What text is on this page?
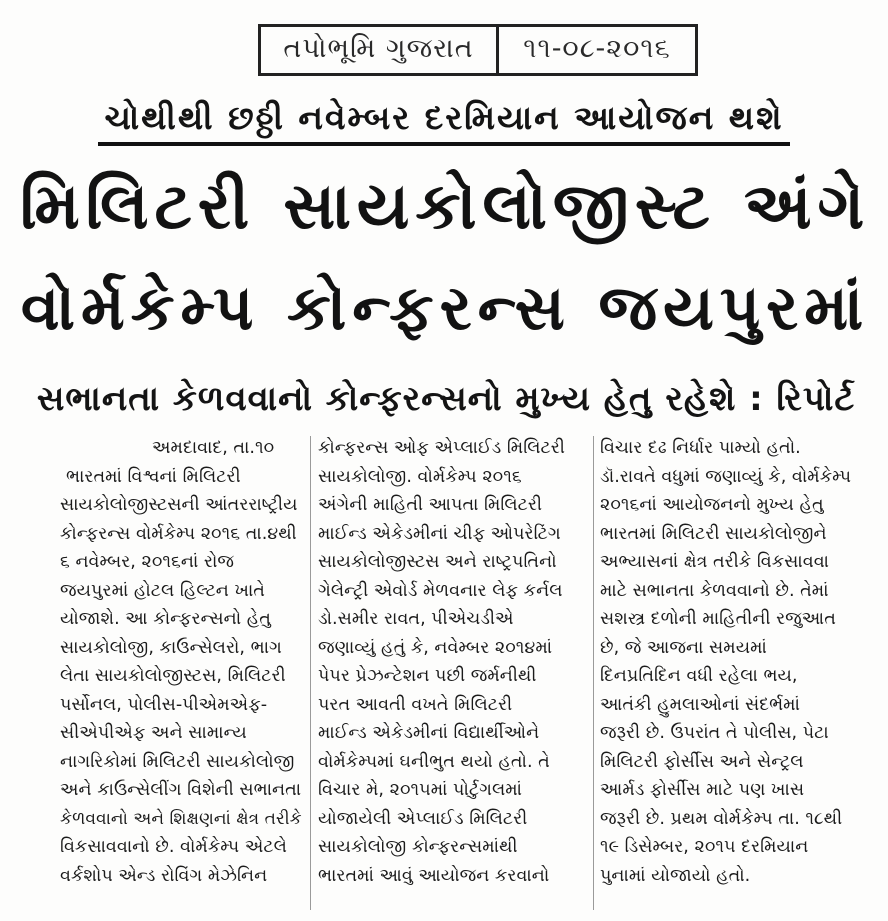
તપોભૂમિ ગુજરાત	૧૧-૦૮-૨૦૧૬
ચોથીથી છઠ્ઠી નવેમ્બર દરમિયાન આયોજન થશે
મિલિટરી સાયકોલોજીસ્ટ અંગે
વોર્મકેમ્પ કોન્ફરન્સ જયપુરમાં
સભાનતા કેળવવાનો કોન્ફરન્સનો મુખ્ય હેતુ રહેશે : રિપોર્ટ
અમદાવાદ, તા.૧૦
ભારતમાં વિશ્વનાં મિલિટરી
સાયકોલોજીસ્ટસની આંતરરાષ્ટ્રીય
કોન્ફરન્સ વોર્મકેમ્પ ૨૦૧૬ તા.૪થી
૬ નવેમ્બર, ૨૦૧૬નાં રોજ
જયપુરમાં હોટલ હિલ્ટન ખાતે
યોજાશે. આ કોન્ફરન્સનો હેતુ
સાયકોલોજી, કાઉન્સેલરો, ભાગ
લેતા સાયકોલોજીસ્ટસ, મિલિટરી
પર્સોનલ, પોલીસ-પીએમએફ-
સીએપીએફ અને સામાન્ય
નાગરિકોમાં મિલિટરી સાયકોલોજી
અને કાઉન્સેલીંગ વિશેની સભાનતા
કેળવવાનો અને શિક્ષણનાં ક્ષેત્ર તરીકે
વિકસાવવાનો છે. વોર્મકેમ્પ એટલે
વર્કશોપ એન્ડ રોવિંગ મેઝેનિન
કોન્ફરન્સ ઓફ એપ્લાઈડ મિલિટરી
સાયકોલોજી. વોર્મકેમ્પ ૨૦૧૬
અંગેની માહિતી આપતા મિલિટરી
માઈન્ડ એકેડમીનાં ચીફ ઓપરેટિંગ
સાયકોલોજીસ્ટસ અને રાષ્ટ્રપતિનો
ગેલેન્ટ્રી એવોર્ડ મેળવનાર લેફ કર્નલ
ડો.સમીર રાવત, પીએચડીએ
જણાવ્યું હતું કે, નવેમ્બર ૨૦૧૪માં
પેપર પ્રેઝન્ટેશન પછી જર્મનીથી
પરત આવતી વખતે મિલિટરી
માઈન્ડ એકેડમીનાં વિદ્યાર્થીઓને
વોર્મકેમ્પમાં ઘનીભુત થયો હતો. તે
વિચાર મે, ૨૦૧૫માં પોર્ટુગલમાં
યોજાયેલી એપ્લાઈડ મિલિટરી
સાયકોલોજી કોન્ફરન્સમાંથી
ભારતમાં આવું આયોજન કરવાનો
વિચાર દઢ નિર્ધાર પામ્યો હતો.
ડૉ.રાવતે વધુમાં જણાવ્યું કે, વોર્મકેમ્પ
૨૦૧૬નાં આયોજનનો મુખ્ય હેતુ
ભારતમાં મિલિટરી સાયકોલોજીને
અભ્યાસનાં ક્ષેત્ર તરીકે વિકસાવવા
માટે સભાનતા કેળવવાનો છે. તેમાં
સશસ્ત્ર દળોની માહિતીની રજુઆત
છે, જે આજના સમયમાં
દિનપ્રતિદિન વધી રહેલા ભય,
આતંકી હુમલાઓનાં સંદર્ભમાં
જરૂરી છે. ઉપરાંત તે પોલીસ, પેટા
મિલિટરી ફોર્સીસ અને સેન્ટ્રલ
આર્મડ ફોર્સીસ માટે પણ ખાસ
જરૂરી છે. પ્રથમ વોર્મકેમ્પ તા. ૧૮થી
૧૯ ડિસેમ્બર, ૨૦૧૫ દરમિયાન
પુનામાં યોજાયો હતો.
